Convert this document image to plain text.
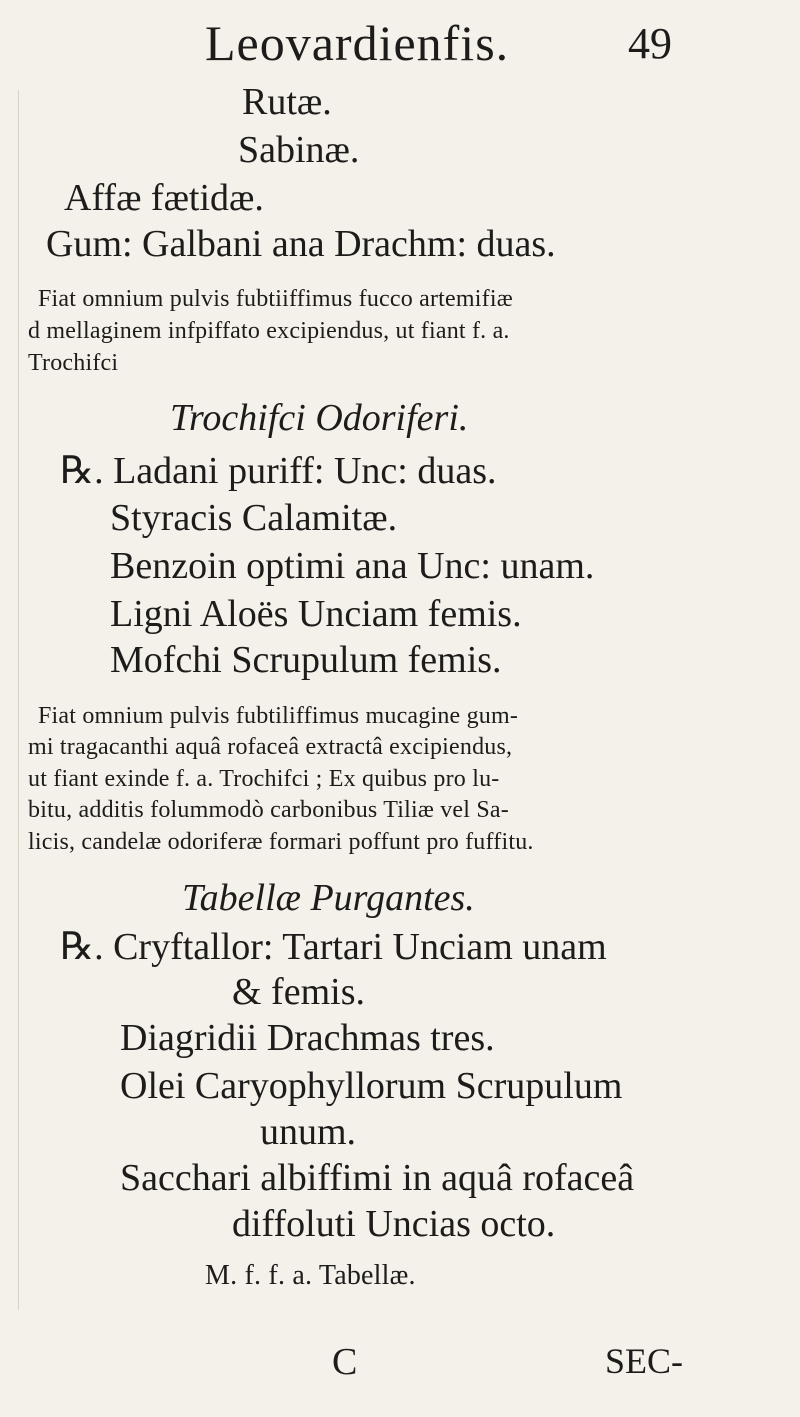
Leovardienfis.	49
Rutæ.
Sabinæ.
Affæ fætidæ.
Gum: Galbani ana Drachm: duas.
Fiat omnium pulvis fubtiiffimus fucco artemifiæ
d mellaginem infpiffato excipiendus, ut fiant f. a.
Trochifci
Trochifci Odoriferi.
℞. Ladani puriff: Unc: duas.
Styracis Calamitæ.
Benzoin optimi ana Unc: unam.
Ligni Aloës Unciam femis.
Mofchi Scrupulum femis.
Fiat omnium pulvis fubtiliffimus mucagine gum-
mi tragacanthi aquâ rofaceâ extractâ excipiendus,
ut fiant exinde f. a. Trochifci ; Ex quibus pro lu-
bitu, additis folummodò carbonibus Tiliæ vel Sa-
licis, candelæ odoriferæ formari poffunt pro fuffitu.
Tabellæ Purgantes.
℞. Cryftallor: Tartari Unciam unam
& femis.
Diagridii Drachmas tres.
Olei Caryophyllorum Scrupulum
unum.
Sacchari albiffimi in aquâ rofaceâ
diffoluti Uncias octo.
M. f. f. a. Tabellæ.
C	SEC-
